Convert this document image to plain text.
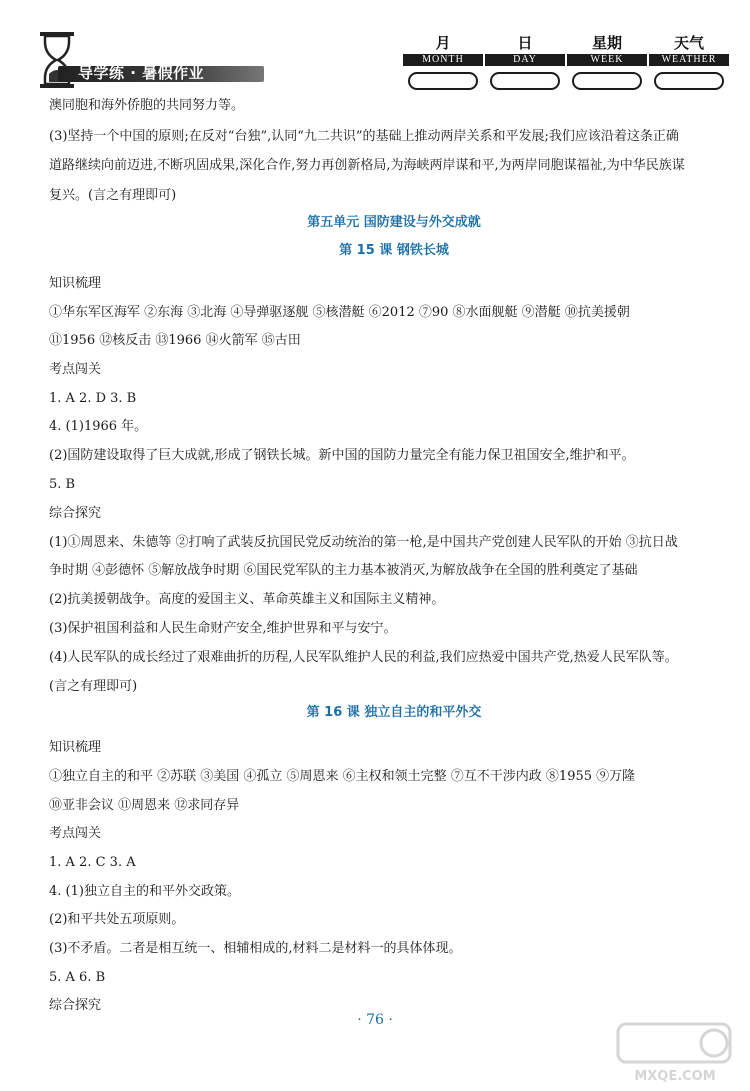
导学练 · 暑假作业
月
MONTH
日
DAY
星期
WEEK
天气
WEATHER
澳同胞和海外侨胞的共同努力等。
(3)坚持一个中国的原则;在反对“台独”,认同“九二共识”的基础上推动两岸关系和平发展;我们应该沿着这条正确
道路继续向前迈进,不断巩固成果,深化合作,努力再创新格局,为海峡两岸谋和平,为两岸同胞谋福祉,为中华民族谋
复兴。(言之有理即可)
第五单元 国防建设与外交成就
第 15 课 钢铁长城
知识梳理
①华东军区海军 ②东海 ③北海 ④导弹驱逐舰 ⑤核潜艇 ⑥2012 ⑦90 ⑧水面舰艇 ⑨潜艇 ⑩抗美援朝
⑪1956 ⑫核反击 ⑬1966 ⑭火箭军 ⑮古田
考点闯关
1. A 2. D 3. B
4. (1)1966 年。
(2)国防建设取得了巨大成就,形成了钢铁长城。新中国的国防力量完全有能力保卫祖国安全,维护和平。
5. B
综合探究
(1)①周恩来、朱德等 ②打响了武装反抗国民党反动统治的第一枪,是中国共产党创建人民军队的开始 ③抗日战
争时期 ④彭德怀 ⑤解放战争时期 ⑥国民党军队的主力基本被消灭,为解放战争在全国的胜利奠定了基础
(2)抗美援朝战争。高度的爱国主义、革命英雄主义和国际主义精神。
(3)保护祖国利益和人民生命财产安全,维护世界和平与安宁。
(4)人民军队的成长经过了艰难曲折的历程,人民军队维护人民的利益,我们应热爱中国共产党,热爱人民军队等。
(言之有理即可)
第 16 课 独立自主的和平外交
知识梳理
①独立自主的和平 ②苏联 ③美国 ④孤立 ⑤周恩来 ⑥主权和领土完整 ⑦互不干涉内政 ⑧1955 ⑨万隆
⑩亚非会议 ⑪周恩来 ⑫求同存异
考点闯关
1. A 2. C 3. A
4. (1)独立自主的和平外交政策。
(2)和平共处五项原则。
(3)不矛盾。二者是相互统一、相辅相成的,材料二是材料一的具体体现。
5. A 6. B
综合探究
· 76 ·
MXQE.COM
